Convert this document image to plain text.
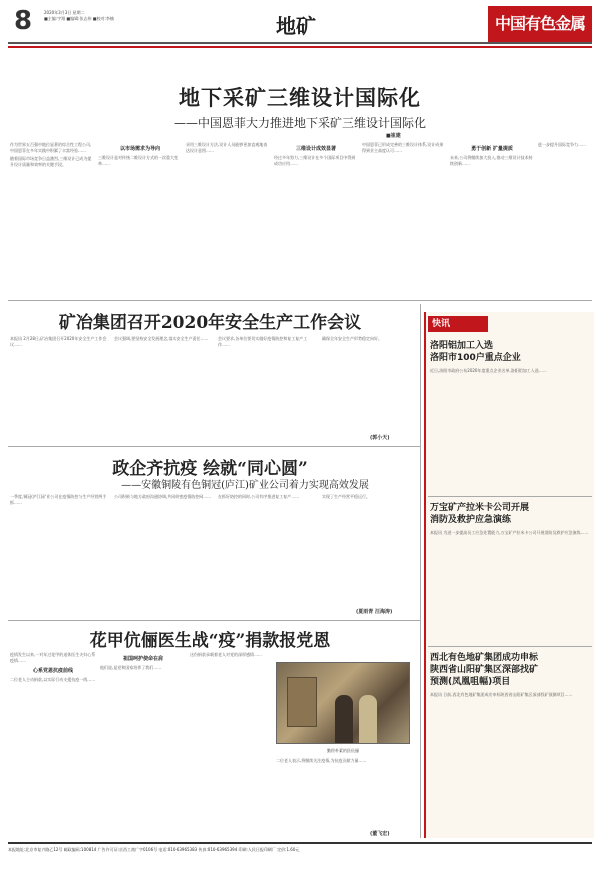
8	2020年3月3日 星期二
■主编:宇翔 ■编辑:张志伟 ■校对:李楠	地矿	中国有色金属报
地下采矿三维设计国际化
——中国恩菲大力推进地下采矿三维设计国际化
■崔建

作为世界五百强中地位显著的综合性工程公司,中国恩菲在多年实践中积累了丰富经验……

随着国际市场竞争日益激烈,三维设计已成为提升设计质量和效率的关键手段。

以市场需求为导向

三维设计是对传统二维设计方式的一次重大变革……

采用三维设计方法,设计人员能够更加直观地表达设计意图……	三维设计成效显著

经过多年努力,三维设计在多个国际项目中得到成功应用……

中国恩菲已形成完善的三维设计体系,设计成果得到业主高度认可……	勇于创新 扩量提质

未来,公司将继续加大投入,推动三维设计技术持续创新……

进一步提升国际竞争力……

矿冶集团召开2020年安全生产工作会议

本报讯 2月28日,矿冶集团召开2020年安全生产工作会议……

会议强调,要坚持安全发展理念,落实安全生产责任……	会议要求,各单位要切实做好疫情防控和复工复产工作……

确保全年安全生产形势稳定向好。

(郭小天)
政企齐抗疫 绘就“同心圆”
——安徽铜陵有色铜冠(庐江)矿业公司着力实现高效发展

一季度,铜冠(庐江)矿业公司在疫情防控与生产经营两手抓……

公司积极与地方政府沟通协调,共同织密疫情防控网……	在抓好防控的同时,公司有序推进复工复产……	实现了生产经营平稳运行。

(夏雨青 汪海涛)
花甲伉俪医生战“疫”捐款报党恩

疫情发生以来,一对年过花甲的退休医生夫妇心系疫情……

心系党恩抗疫前线

二位老人主动捐款,以实际行动支援抗疫一线……

祖国呵护使命在肩

他们说,是党和国家培养了我们……

这份捐款承载着老人对党的深厚感情……

勤俭朴素的医伉俪

二位老人表示,将继续关注疫情,为抗疫贡献力量……

(董飞宏)
快讯
洛阳铝加工入选
洛阳市100户重点企业

近日,洛阳市政府公布2020年度重点企业名单,洛阳铝加工入选……

万宝矿产拉米卡公司开展
消防及救护应急演练

本报讯 为进一步提高员工应急处置能力,万宝矿产拉米卡公司开展消防及救护应急演练……

西北有色地矿集团成功申标
陕西省山阳矿集区深部找矿
预测(凤凰咀幅)项目

本报讯 日前,西北有色地矿集团成功申标陕西省山阳矿集区深部找矿预测项目……

本报地址:北京市复兴路乙12号 邮政编码:100814 广告许可证:京西工商广字0106号 电话:010-63965383 传真:010-63965394 印刷:人民日报印刷厂 定价:1.60元
